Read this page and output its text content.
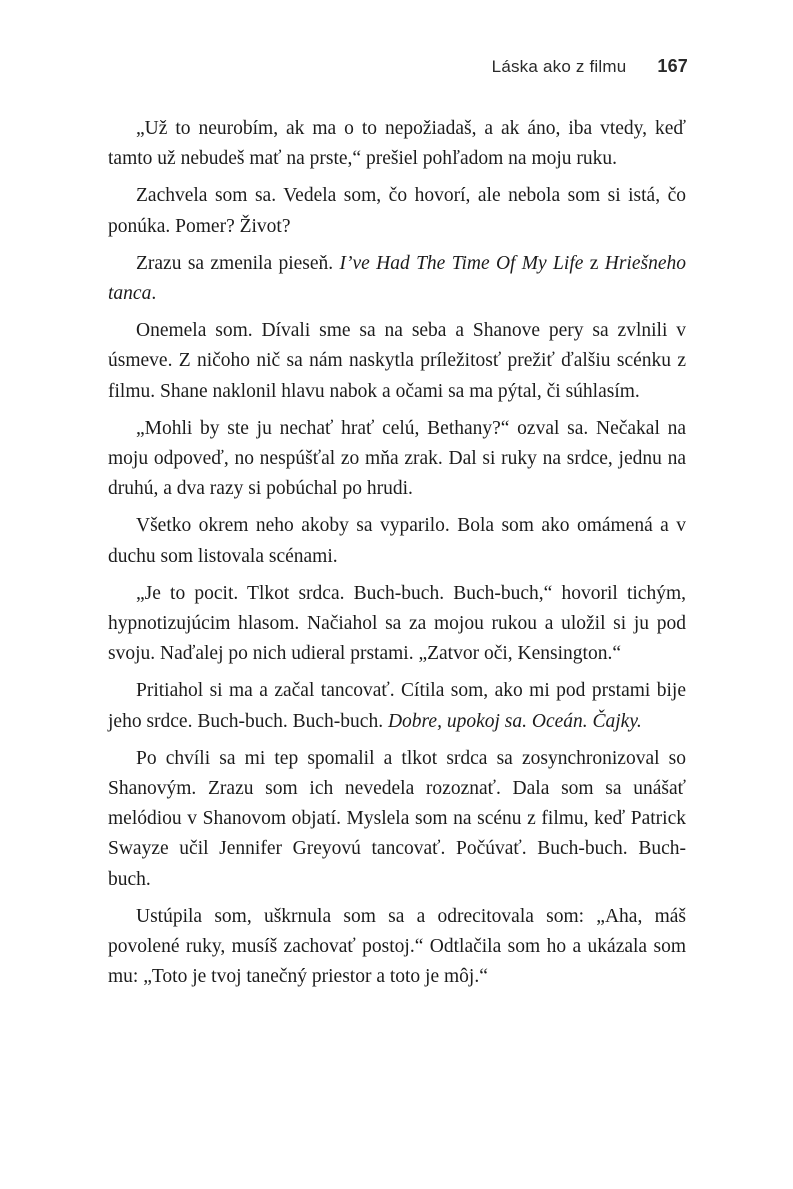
Láska ako z filmu 167

„Už to neurobím, ak ma o to nepožiadaš, a ak áno, iba vtedy, keď tamto už nebudeš mať na prste,“ prešiel pohľadom na moju ruku.

Zachvela som sa. Vedela som, čo hovorí, ale nebola som si istá, čo ponúka. Pomer? Život?

Zrazu sa zmenila pieseň. I’ve Had The Time Of My Life z Hriešneho tanca.

Onemela som. Dívali sme sa na seba a Shanove pery sa zvlnili v úsmeve. Z ničoho nič sa nám naskytla príležitosť prežiť ďalšiu scénku z filmu. Shane naklonil hlavu nabok a očami sa ma pýtal, či súhlasím.

„Mohli by ste ju nechať hrať celú, Bethany?“ ozval sa. Nečakal na moju odpoveď, no nespúšťal zo mňa zrak. Dal si ruky na srdce, jednu na druhú, a dva razy si pobúchal po hrudi.

Všetko okrem neho akoby sa vyparilo. Bola som ako omámená a v duchu som listovala scénami.

„Je to pocit. Tlkot srdca. Buch-buch. Buch-buch,“ hovoril tichým, hypnotizujúcim hlasom. Načiahol sa za mojou rukou a uložil si ju pod svoju. Naďalej po nich udieral prstami. „Zatvor oči, Kensington.“

Pritiahol si ma a začal tancovať. Cítila som, ako mi pod prstami bije jeho srdce. Buch-buch. Buch-buch. Dobre, upokoj sa. Oceán. Čajky.

Po chvíli sa mi tep spomalil a tlkot srdca sa zosynchronizoval so Shanovým. Zrazu som ich nevedela rozoznať. Dala som sa unášať melódiou v Shanovom objatí. Myslela som na scénu z filmu, keď Patrick Swayze učil Jennifer Greyovú tancovať. Počúvať. Buch-buch. Buch-buch.

Ustúpila som, uškrnula som sa a odrecitovala som: „Aha, máš povolené ruky, musíš zachovať postoj.“ Odtlačila som ho a ukázala som mu: „Toto je tvoj tanečný priestor a toto je môj.“
